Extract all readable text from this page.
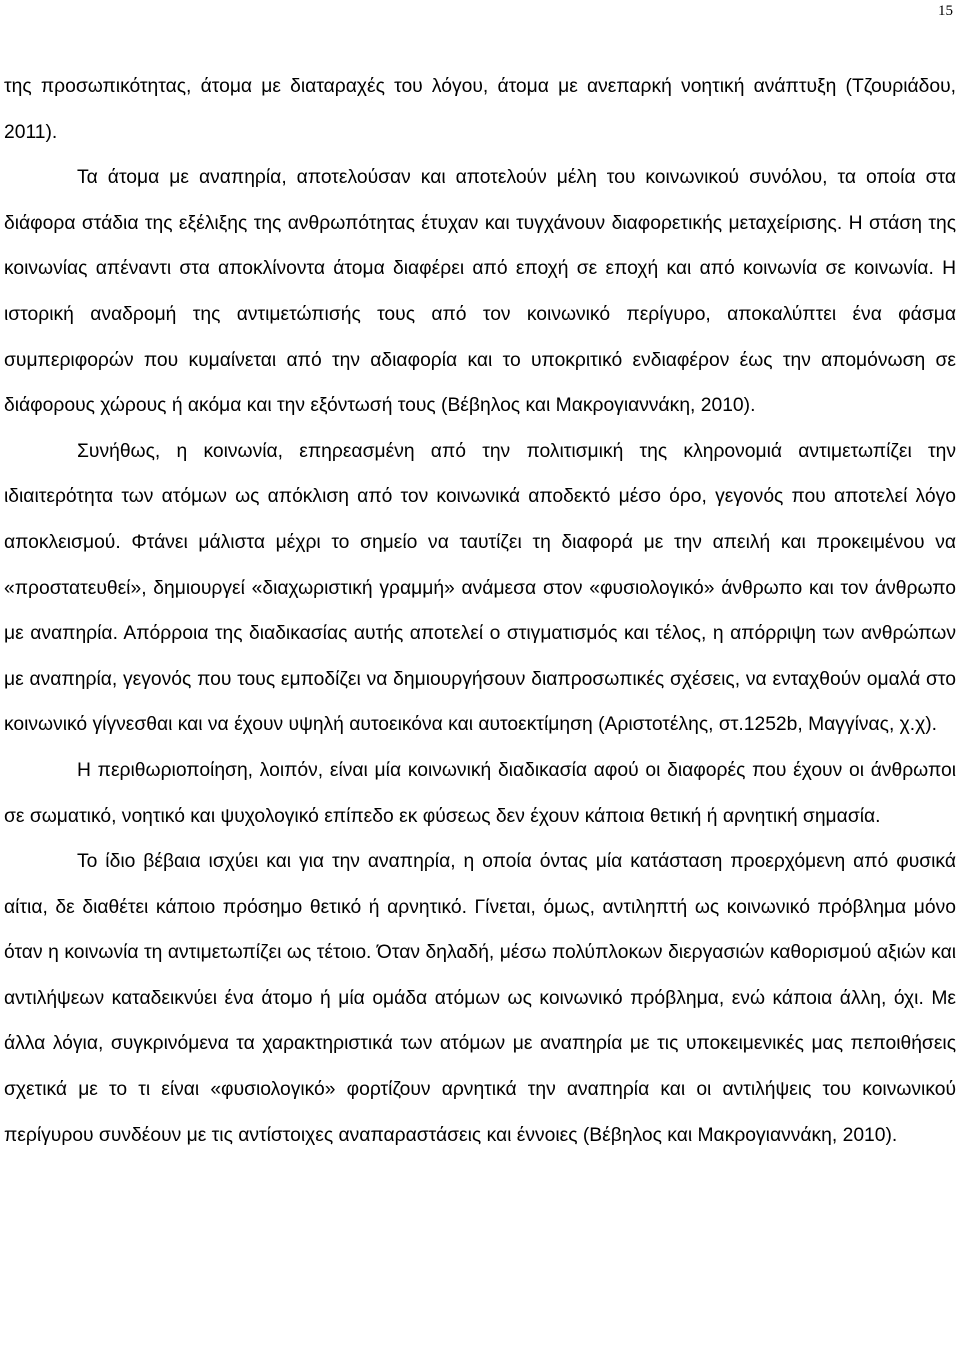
15

της προσωπικότητας, άτομα με διαταραχές του λόγου, άτομα με ανεπαρκή νοητική ανάπτυξη (Τζουριάδου, 2011).

Τα άτομα με αναπηρία, αποτελούσαν και αποτελούν μέλη του κοινωνικού συνόλου, τα οποία στα διάφορα στάδια της εξέλιξης της ανθρωπότητας έτυχαν και τυγχάνουν διαφορετικής μεταχείρισης. Η στάση της κοινωνίας απέναντι στα αποκλίνοντα άτομα διαφέρει από εποχή σε εποχή και από κοινωνία σε κοινωνία. Η ιστορική αναδρομή της αντιμετώπισής τους από τον κοινωνικό περίγυρο, αποκαλύπτει ένα φάσμα συμπεριφορών που κυμαίνεται από την αδιαφορία και το υποκριτικό ενδιαφέρον έως την απομόνωση σε διάφορους χώρους ή ακόμα και την εξόντωσή τους (Βέβηλος και Μακρογιαννάκη, 2010).

Συνήθως, η κοινωνία, επηρεασμένη από την πολιτισμική της κληρονομιά αντιμετωπίζει την ιδιαιτερότητα των ατόμων ως απόκλιση από τον κοινωνικά αποδεκτό μέσο όρο, γεγονός που αποτελεί λόγο αποκλεισμού. Φτάνει μάλιστα μέχρι το σημείο να ταυτίζει τη διαφορά με την απειλή και προκειμένου να «προστατευθεί», δημιουργεί «διαχωριστική γραμμή» ανάμεσα στον «φυσιολογικό» άνθρωπο και τον άνθρωπο με αναπηρία. Απόρροια της διαδικασίας αυτής αποτελεί ο στιγματισμός και τέλος, η απόρριψη των ανθρώπων με αναπηρία, γεγονός που τους εμποδίζει να δημιουργήσουν διαπροσωπικές σχέσεις, να ενταχθούν ομαλά στο κοινωνικό γίγνεσθαι και να έχουν υψηλή αυτοεικόνα και αυτοεκτίμηση (Αριστοτέλης, στ.1252b, Μαγγίνας, χ.χ).

Η περιθωριοποίηση, λοιπόν, είναι μία κοινωνική διαδικασία αφού οι διαφορές που έχουν οι άνθρωποι σε σωματικό, νοητικό και ψυχολογικό επίπεδο εκ φύσεως δεν έχουν κάποια θετική ή αρνητική σημασία.

Το ίδιο βέβαια ισχύει και για την αναπηρία, η οποία όντας μία κατάσταση προερχόμενη από φυσικά αίτια, δε διαθέτει κάποιο πρόσημο θετικό ή αρνητικό. Γίνεται, όμως, αντιληπτή ως κοινωνικό πρόβλημα μόνο όταν η κοινωνία τη αντιμετωπίζει ως τέτοιο. Όταν δηλαδή, μέσω πολύπλοκων διεργασιών καθορισμού αξιών και αντιλήψεων καταδεικνύει ένα άτομο ή μία ομάδα ατόμων ως κοινωνικό πρόβλημα, ενώ κάποια άλλη, όχι. Με άλλα λόγια, συγκρινόμενα τα χαρακτηριστικά των ατόμων με αναπηρία με τις υποκειμενικές μας πεποιθήσεις σχετικά με το τι είναι «φυσιολογικό» φορτίζουν αρνητικά την αναπηρία και οι αντιλήψεις του κοινωνικού περίγυρου συνδέουν με τις αντίστοιχες αναπαραστάσεις και έννοιες (Βέβηλος και Μακρογιαννάκη, 2010).
